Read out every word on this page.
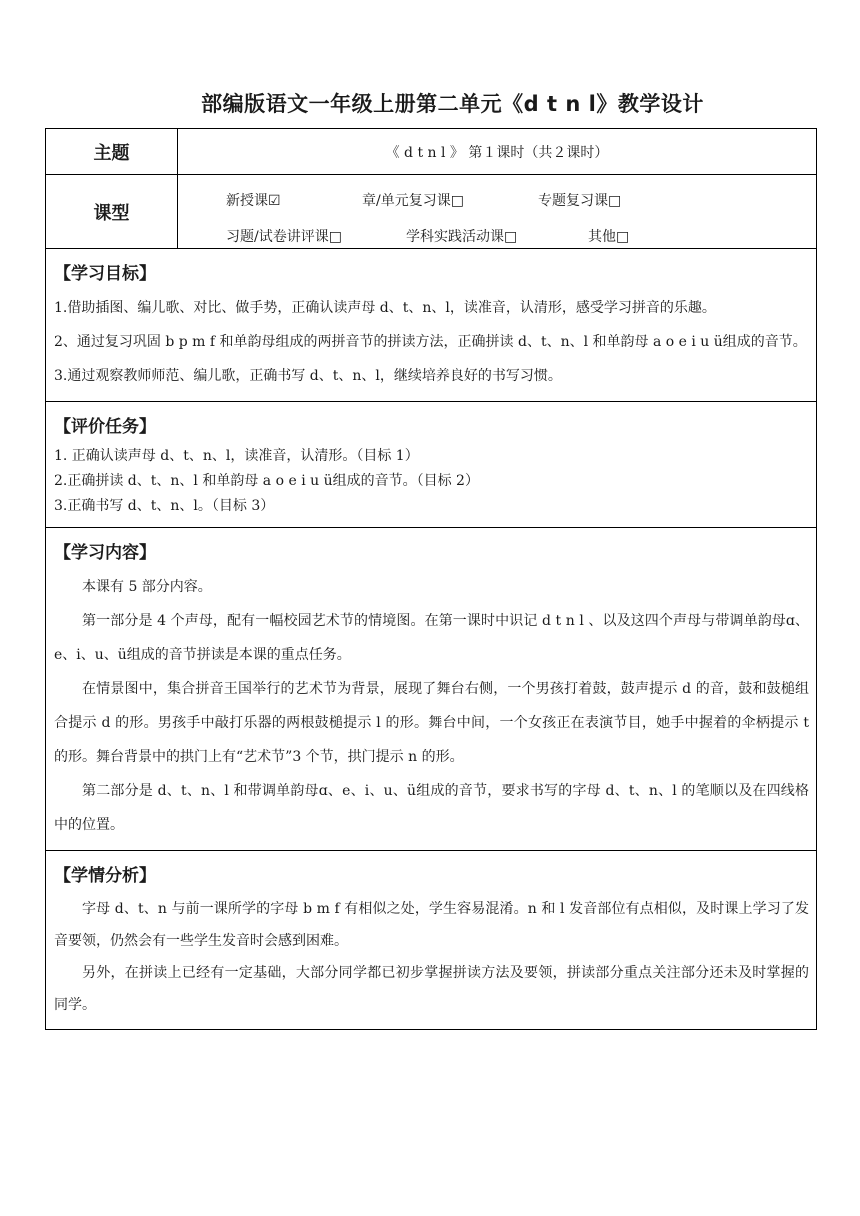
部编版语文一年级上册第二单元《d t n l》教学设计
主题	《 d t n l 》 第１课时（共２课时）
课型
新授课☑	章/单元复习课□	专题复习课□
习题/试卷讲评课□	学科实践活动课□	其他□
【学习目标】
1.借助插图、编儿歌、对比、做手势，正确认读声母 d、t、n、l，读准音，认清形，感受学习拼音的乐趣。
2、通过复习巩固 b p m f 和单韵母组成的两拼音节的拼读方法，正确拼读 d、t、n、l 和单韵母 a o e i u ü组成的音节。
3.通过观察教师师范、编儿歌，正确书写 d、t、n、l，继续培养良好的书写习惯。
【评价任务】
1. 正确认读声母 d、t、n、l，读准音，认清形。（目标 1）
2.正确拼读 d、t、n、l 和单韵母 a o e i u ü组成的音节。（目标 2）
3.正确书写 d、t、n、l。（目标 3）
【学习内容】
本课有 5 部分内容。
第一部分是 4 个声母，配有一幅校园艺术节的情境图。在第一课时中识记 d t n l 、以及这四个声母与带调单韵母ɑ、e、i、u、ü组成的音节拼读是本课的重点任务。
在情景图中，集合拼音王国举行的艺术节为背景，展现了舞台右侧，一个男孩打着鼓，鼓声提示 d 的音，鼓和鼓槌组合提示 d 的形。男孩手中敲打乐器的两根鼓槌提示 l 的形。舞台中间，一个女孩正在表演节目，她手中握着的伞柄提示 t 的形。舞台背景中的拱门上有“艺术节”3 个节，拱门提示 n 的形。
第二部分是 d、t、n、l 和带调单韵母ɑ、e、i、u、ü组成的音节，要求书写的字母 d、t、n、l 的笔顺以及在四线格中的位置。
【学情分析】
字母 d、t、n 与前一课所学的字母 b m f 有相似之处，学生容易混淆。n 和 l 发音部位有点相似，及时课上学习了发音要领，仍然会有一些学生发音时会感到困难。
另外，在拼读上已经有一定基础，大部分同学都已初步掌握拼读方法及要领，拼读部分重点关注部分还未及时掌握的同学。
